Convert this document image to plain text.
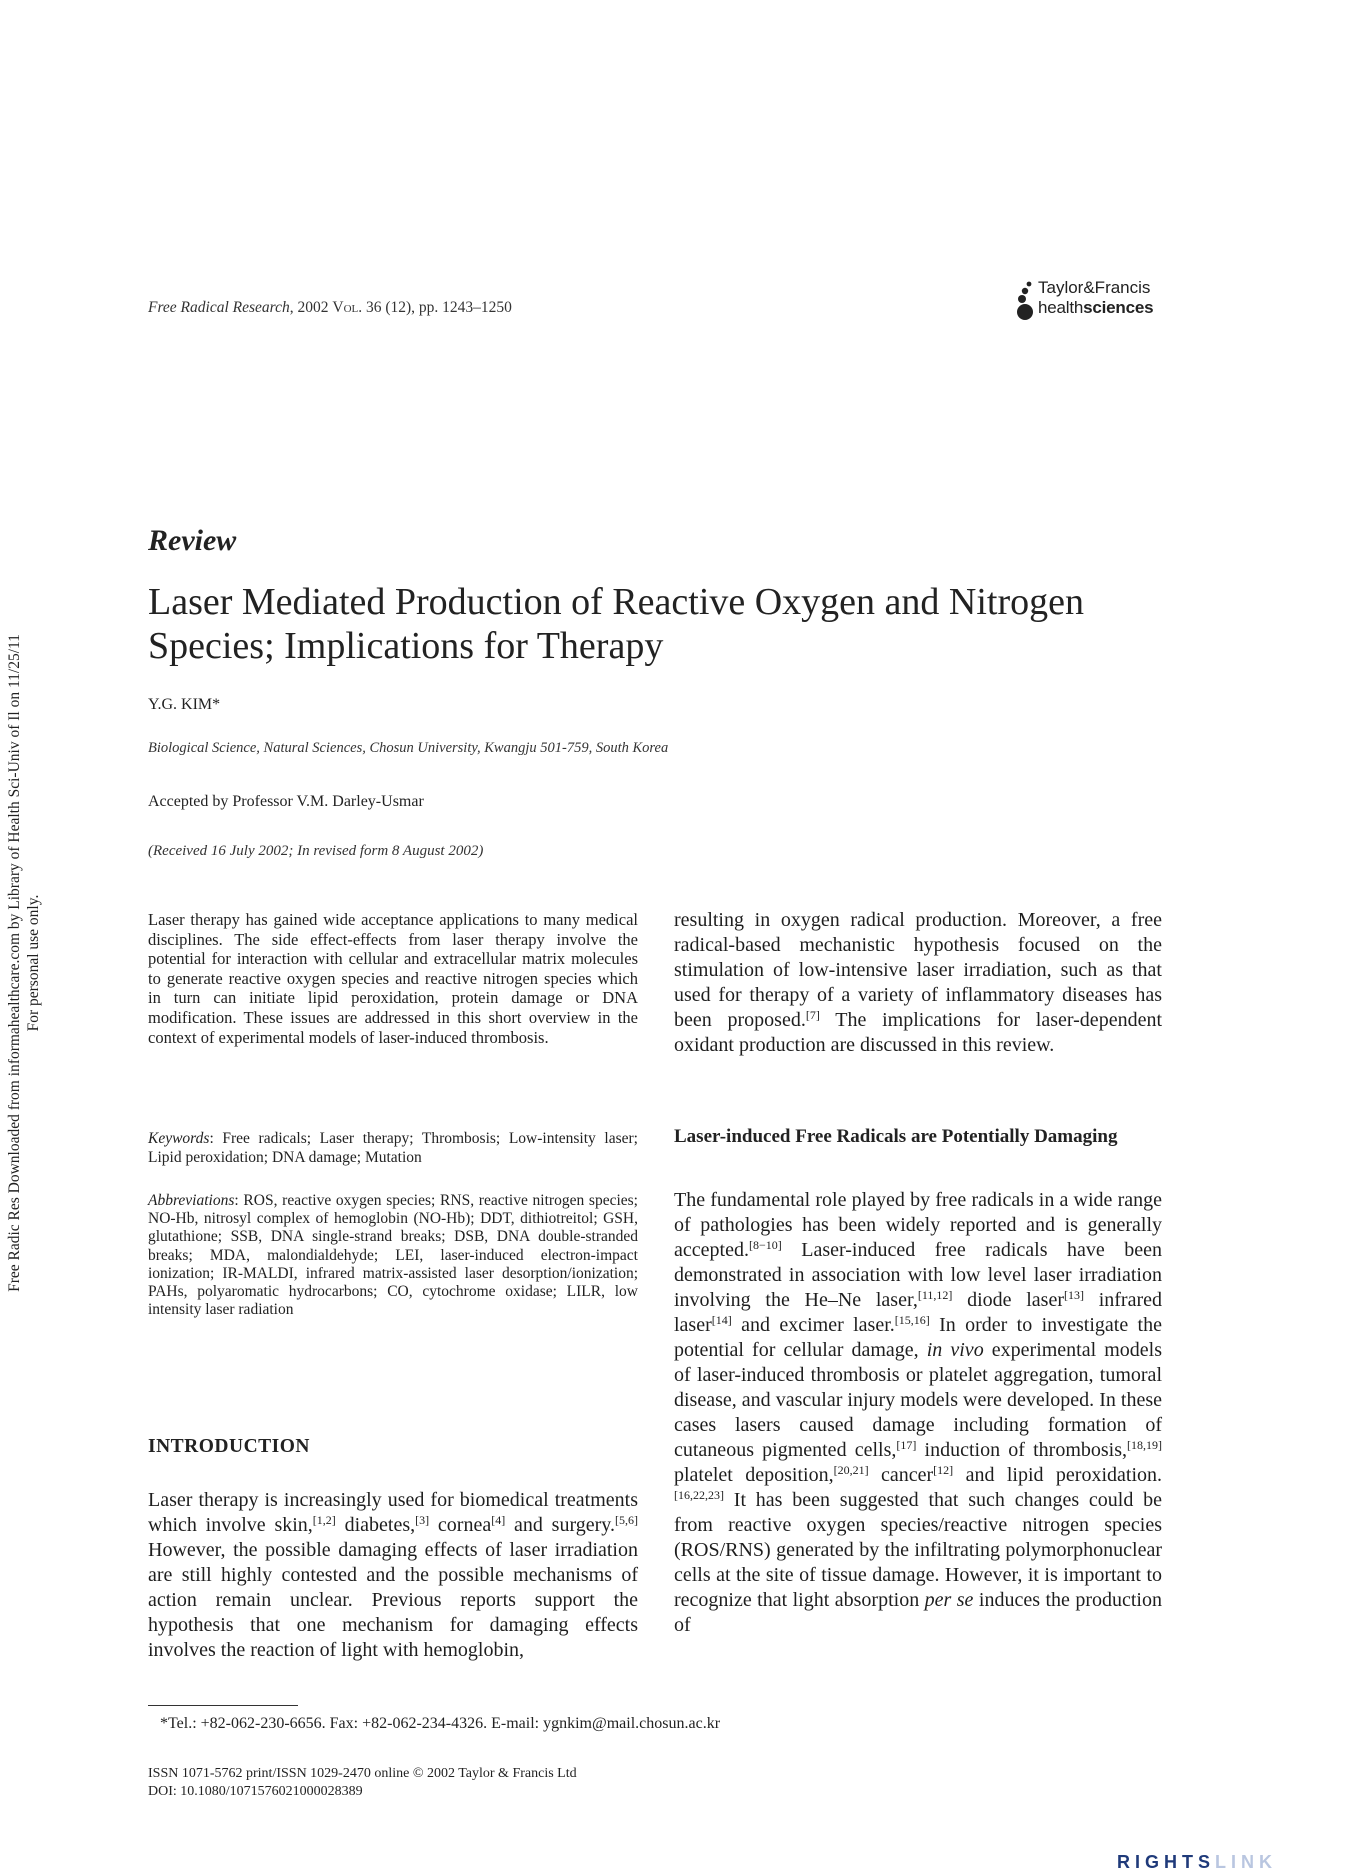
Free Radic Res Downloaded from informahealthcare.com by Library of Health Sci-Univ of Il on 11/25/11 For personal use only.
Free Radical Research, 2002 Vol. 36 (12), pp. 1243–1250
Taylor&Francis
healthsciences
Review
Laser Mediated Production of Reactive Oxygen and Nitrogen
Species; Implications for Therapy
Y.G. KIM*
Biological Science, Natural Sciences, Chosun University, Kwangju 501-759, South Korea
Accepted by Professor V.M. Darley-Usmar
(Received 16 July 2002; In revised form 8 August 2002)
Laser therapy has gained wide acceptance applications to many medical disciplines. The side effect-effects from laser therapy involve the potential for interaction with cellular and extracellular matrix molecules to generate reactive oxygen species and reactive nitrogen species which in turn can initiate lipid peroxidation, protein damage or DNA modification. These issues are addressed in this short overview in the context of experimental models of laser-induced thrombosis.
Keywords: Free radicals; Laser therapy; Thrombosis; Low-intensity laser; Lipid peroxidation; DNA damage; Mutation
Abbreviations: ROS, reactive oxygen species; RNS, reactive nitrogen species; NO-Hb, nitrosyl complex of hemoglobin (NO-Hb); DDT, dithiotreitol; GSH, glutathione; SSB, DNA single-strand breaks; DSB, DNA double-stranded breaks; MDA, malondialdehyde; LEI, laser-induced electron-impact ionization; IR-MALDI, infrared matrix-assisted laser desorption/ionization; PAHs, polyaromatic hydrocarbons; CO, cytochrome oxidase; LILR, low intensity laser radiation
INTRODUCTION
Laser therapy is increasingly used for biomedical treatments which involve skin,[1,2] diabetes,[3] cornea[4] and surgery.[5,6] However, the possible damaging effects of laser irradiation are still highly contested and the possible mechanisms of action remain unclear. Previous reports support the hypothesis that one mechanism for damaging effects involves the reaction of light with hemoglobin,
resulting in oxygen radical production. Moreover, a free radical-based mechanistic hypothesis focused on the stimulation of low-intensive laser irradiation, such as that used for therapy of a variety of inflammatory diseases has been proposed.[7] The implications for laser-dependent oxidant production are discussed in this review.
Laser-induced Free Radicals are Potentially Damaging
The fundamental role played by free radicals in a wide range of pathologies has been widely reported and is generally accepted.[8−10] Laser-induced free radicals have been demonstrated in association with low level laser irradiation involving the He–Ne laser,[11,12] diode laser[13] infrared laser[14] and excimer laser.[15,16] In order to investigate the potential for cellular damage, in vivo experimental models of laser-induced thrombosis or platelet aggregation, tumoral disease, and vascular injury models were developed. In these cases lasers caused damage including formation of cutaneous pigmented cells,[17] induction of thrombosis,[18,19] platelet deposition,[20,21] cancer[12] and lipid peroxidation.[16,22,23] It has been suggested that such changes could be from reactive oxygen species/reactive nitrogen species (ROS/RNS) generated by the infiltrating polymorphonuclear cells at the site of tissue damage. However, it is important to recognize that light absorption per se induces the production of
*Tel.: +82-062-230-6656. Fax: +82-062-234-4326. E-mail: ygnkim@mail.chosun.ac.kr
ISSN 1071-5762 print/ISSN 1029-2470 online © 2002 Taylor & Francis Ltd
DOI: 10.1080/1071576021000028389
RIGHTSLINK
